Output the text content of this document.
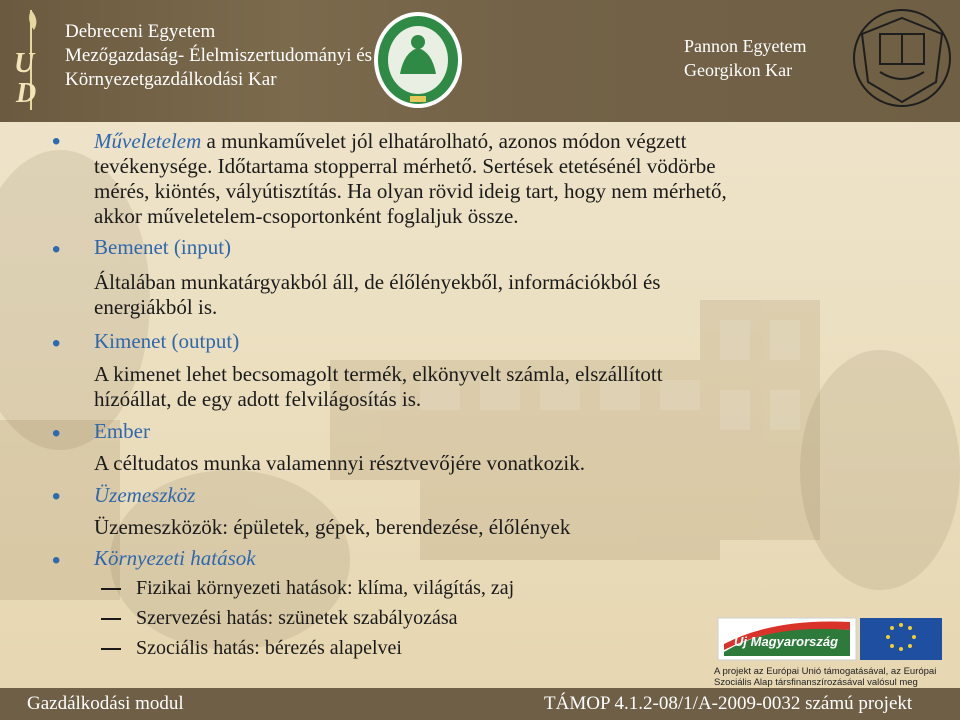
U
D
Debreceni Egyetem
Mezőgazdaság- Élelmiszertudományi és
Környezetgazdálkodási Kar
Pannon Egyetem
Georgikon Kar
•
Műveletelem a munkaművelet jól elhatárolható, azonos módon végzett
tevékenysége. Időtartama stopperral mérhető. Sertések etetésénél vödörbe
mérés, kiöntés, vályútisztítás. Ha olyan rövid ideig tart, hogy nem mérhető,
akkor műveletelem-csoportonként foglaljuk össze.
•
Bemenet (input)
Általában munkatárgyakból áll, de élőlényekből, információkból és
energiákból is.
•
Kimenet (output)
A kimenet lehet becsomagolt termék, elkönyvelt számla, elszállított
hízóállat, de egy adott felvilágosítás is.
•
Ember
A céltudatos munka valamennyi résztvevőjére vonatkozik.
•
Üzemeszköz
Üzemeszközök: épületek, gépek, berendezése, élőlények
•
Környezeti hatások
Fizikai környezeti hatások: klíma, világítás, zaj
Szervezési hatás: szünetek szabályozása
Szociális hatás: bérezés alapelvei	Új Magyarország
A projekt az Európai Unió támogatásával, az Európai
Szociális Alap társfinanszírozásával valósul meg
Gazdálkodási modul	TÁMOP 4.1.2-08/1/A-2009-0032 számú projekt
